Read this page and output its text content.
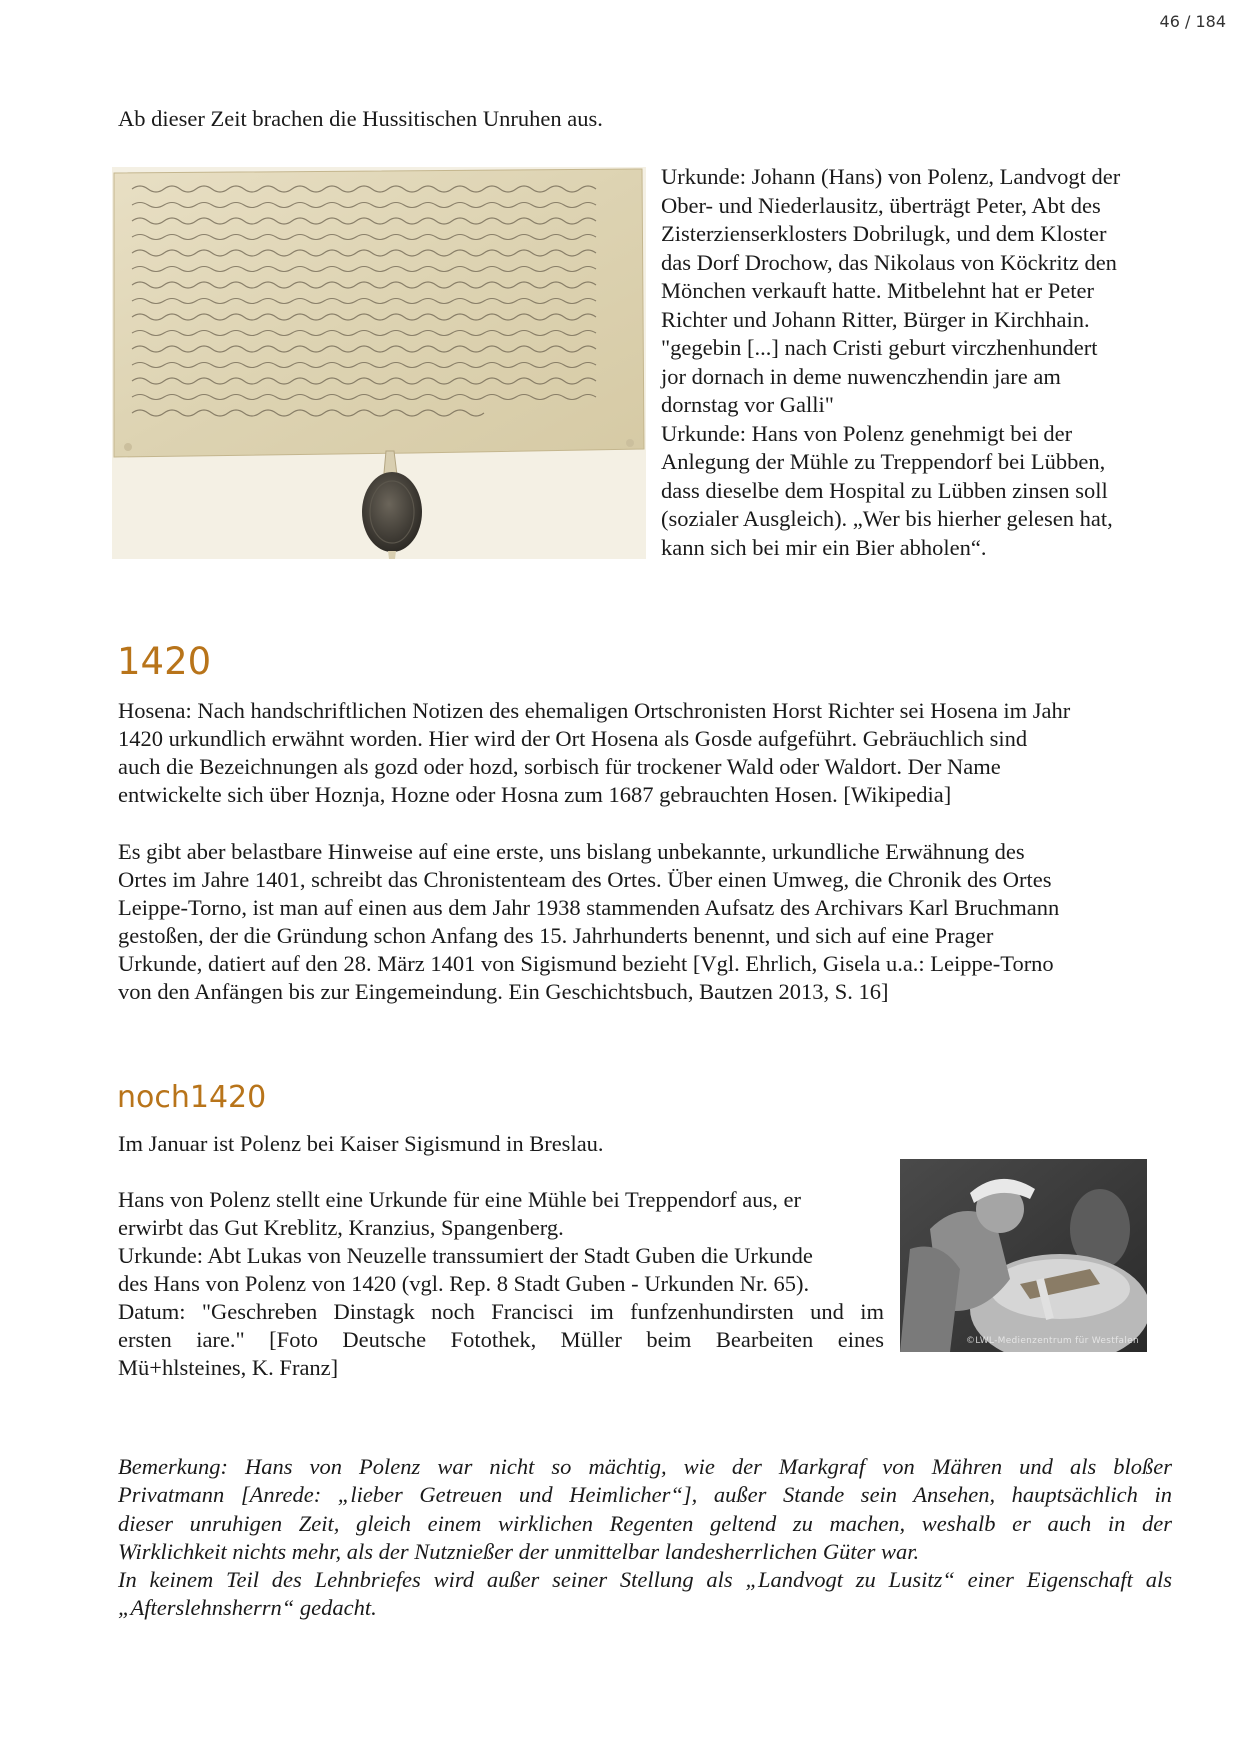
46 / 184

Ab dieser Zeit brachen die Hussitischen Unruhen aus.

Urkunde: Johann (Hans) von Polenz, Landvogt der
Ober- und Niederlausitz, überträgt Peter, Abt des
Zisterzienserklosters Dobrilugk, und dem Kloster
das Dorf Drochow, das Nikolaus von Köckritz den
Mönchen verkauft hatte. Mitbelehnt hat er Peter
Richter und Johann Ritter, Bürger in Kirchhain.
"gegebin [...] nach Cristi geburt virczhenhundert
jor dornach in deme nuwenczhendin jare am
dornstag vor Galli"
Urkunde: Hans von Polenz genehmigt bei der
Anlegung der Mühle zu Treppendorf bei Lübben,
dass dieselbe dem Hospital zu Lübben zinsen soll
(sozialer Ausgleich). „Wer bis hierher gelesen hat,
kann sich bei mir ein Bier abholen“.
1420
Hosena: Nach handschriftlichen Notizen des ehemaligen Ortschronisten Horst Richter sei Hosena im Jahr
1420 urkundlich erwähnt worden. Hier wird der Ort Hosena als Gosde aufgeführt. Gebräuchlich sind
auch die Bezeichnungen als gozd oder hozd, sorbisch für trockener Wald oder Waldort. Der Name
entwickelte sich über Hoznja, Hozne oder Hosna zum 1687 gebrauchten Hosen. [Wikipedia]
Es gibt aber belastbare Hinweise auf eine erste, uns bislang unbekannte, urkundliche Erwähnung des
Ortes im Jahre 1401, schreibt das Chronistenteam des Ortes. Über einen Umweg, die Chronik des Ortes
Leippe-Torno, ist man auf einen aus dem Jahr 1938 stammenden Aufsatz des Archivars Karl Bruchmann
gestoßen, der die Gründung schon Anfang des 15. Jahrhunderts benennt, und sich auf eine Prager
Urkunde, datiert auf den 28. März 1401 von Sigismund bezieht [Vgl. Ehrlich, Gisela u.a.: Leippe-Torno
von den Anfängen bis zur Eingemeindung. Ein Geschichtsbuch, Bautzen 2013, S. 16]
noch1420

Im Januar ist Polenz bei Kaiser Sigismund in Breslau.

Hans von Polenz stellt eine Urkunde für eine Mühle bei Treppendorf aus, er
erwirbt das Gut Kreblitz, Kranzius, Spangenberg.
Urkunde: Abt Lukas von Neuzelle transsumiert der Stadt Guben die Urkunde
des Hans von Polenz von 1420 (vgl. Rep. 8 Stadt Guben - Urkunden Nr. 65).
Datum: "Geschreben Dinstagk noch Francisci im funfzenhundirsten und im
ersten iare." [Foto Deutsche Fotothek, Müller beim Bearbeiten eines
Mü+hlsteines, K. Franz]
©LWL-Medienzentrum für Westfalen
Bemerkung: Hans von Polenz war nicht so mächtig, wie der Markgraf von Mähren und als bloßer
Privatmann [Anrede: „lieber Getreuen und Heimlicher“], außer Stande sein Ansehen, hauptsächlich in
dieser unruhigen Zeit, gleich einem wirklichen Regenten geltend zu machen, weshalb er auch in der
Wirklichkeit nichts mehr, als der Nutznießer der unmittelbar landesherrlichen Güter war.
In keinem Teil des Lehnbriefes wird außer seiner Stellung als „Landvogt zu Lusitz“ einer Eigenschaft als
„Afterslehnsherrn“ gedacht.
